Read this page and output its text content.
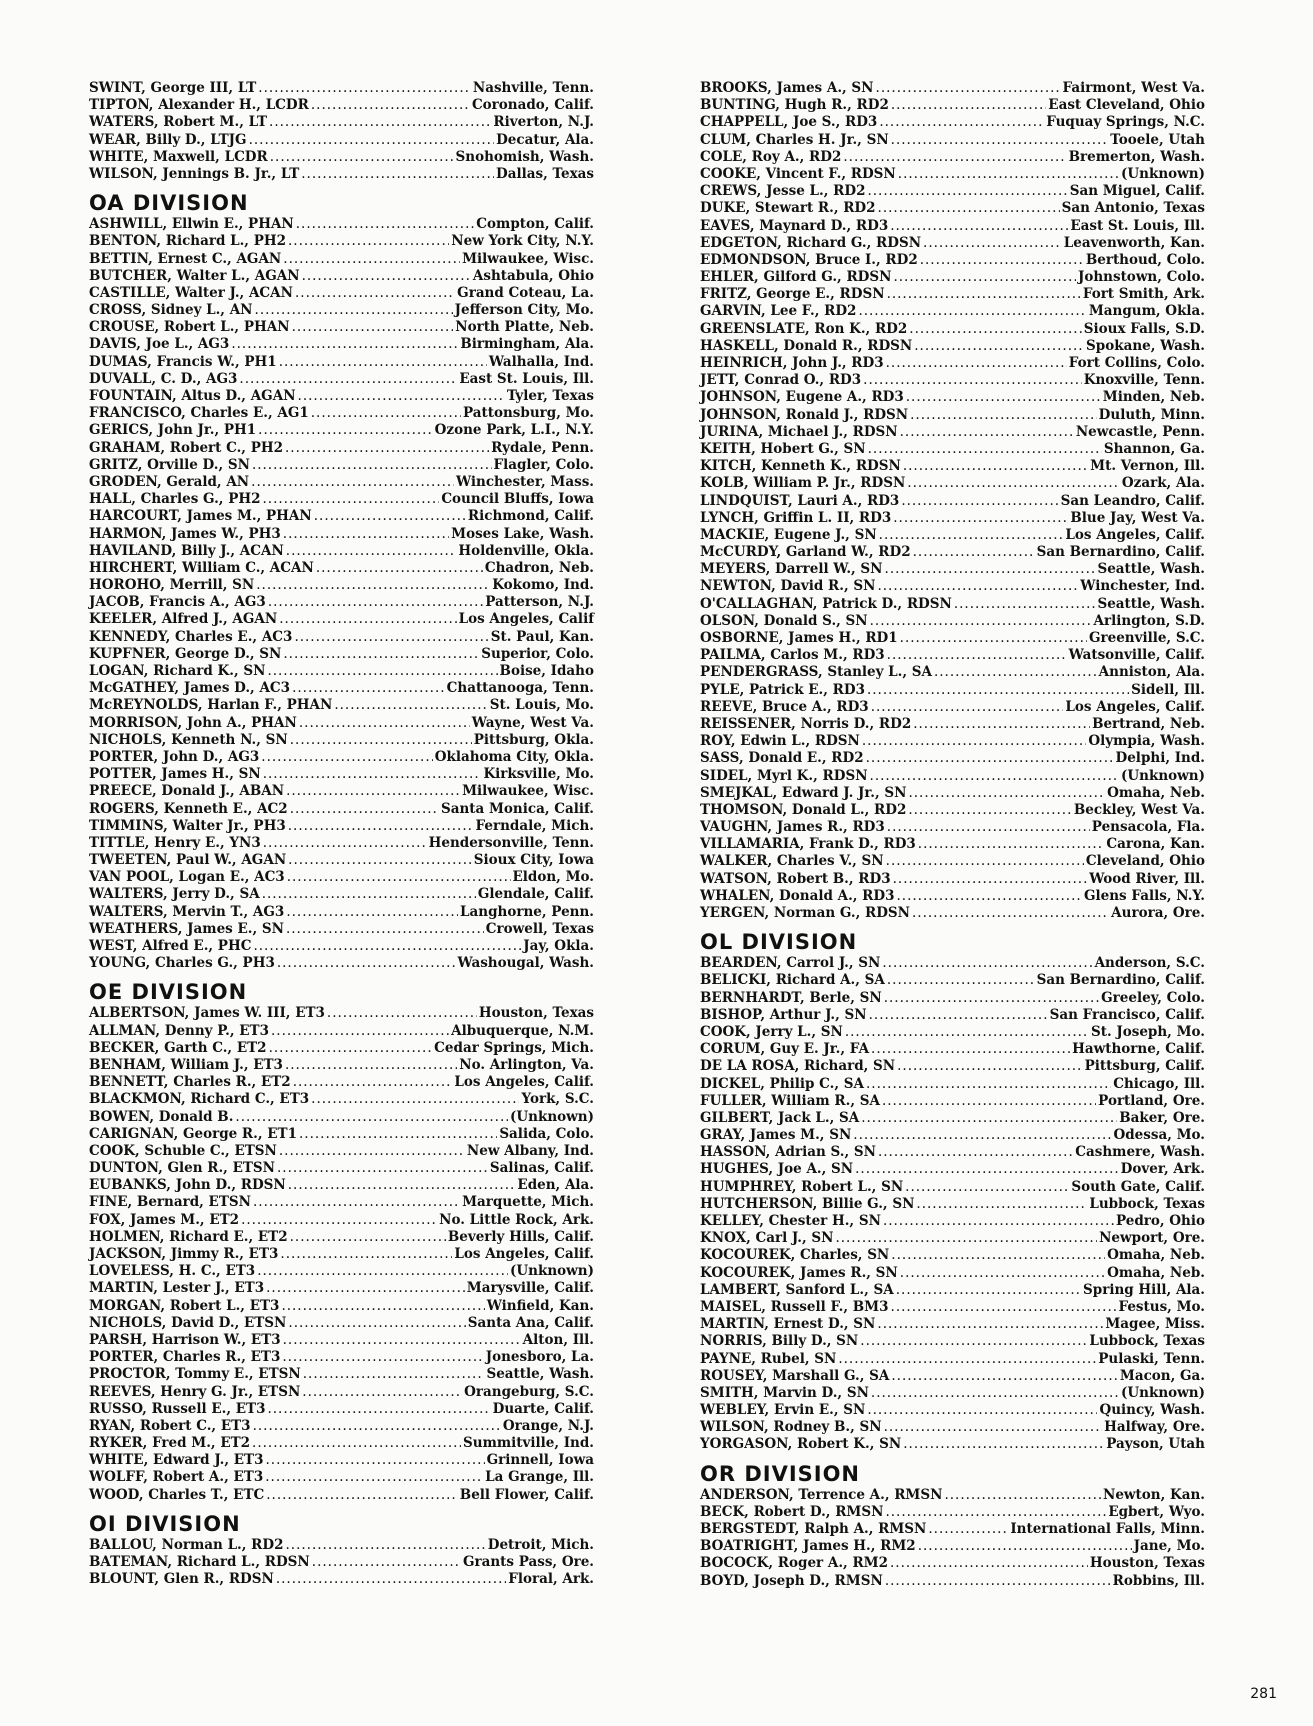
SWINT, George III, LT .....	Nashville, Tenn.
TIPTON, Alexander H., LCDR .....	Coronado, Calif.
WATERS, Robert M., LT .....	Riverton, N.J.
WEAR, Billy D., LTJG .....	Decatur, Ala.
WHITE, Maxwell, LCDR .....	Snohomish, Wash.
WILSON, Jennings B. Jr., LT .....	Dallas, Texas
OA DIVISION
ASHWILL, Ellwin E., PHAN .....	Compton, Calif.
BENTON, Richard L., PH2 .....	New York City, N.Y.
BETTIN, Ernest C., AGAN .....	Milwaukee, Wisc.
BUTCHER, Walter L., AGAN .....	Ashtabula, Ohio
CASTILLE, Walter J., ACAN .....	Grand Coteau, La.
CROSS, Sidney L., AN .....	Jefferson City, Mo.
CROUSE, Robert L., PHAN .....	North Platte, Neb.
DAVIS, Joe L., AG3 .....	Birmingham, Ala.
DUMAS, Francis W., PH1 .....	Walhalla, Ind.
DUVALL, C. D., AG3 .....	East St. Louis, Ill.
FOUNTAIN, Altus D., AGAN .....	Tyler, Texas
FRANCISCO, Charles E., AG1 .....	Pattonsburg, Mo.
GERICS, John Jr., PH1 .....	Ozone Park, L.I., N.Y.
GRAHAM, Robert C., PH2 .....	Rydale, Penn.
GRITZ, Orville D., SN .....	Flagler, Colo.
GRODEN, Gerald, AN .....	Winchester, Mass.
HALL, Charles G., PH2 .....	Council Bluffs, Iowa
HARCOURT, James M., PHAN .....	Richmond, Calif.
HARMON, James W., PH3 .....	Moses Lake, Wash.
HAVILAND, Billy J., ACAN .....	Holdenville, Okla.
HIRCHERT, William C., ACAN .....	Chadron, Neb.
HOROHO, Merrill, SN .....	Kokomo, Ind.
JACOB, Francis A., AG3 .....	Patterson, N.J.
KEELER, Alfred J., AGAN .....	Los Angeles, Calif
KENNEDY, Charles E., AC3 .....	St. Paul, Kan.
KUPFNER, George D., SN .....	Superior, Colo.
LOGAN, Richard K., SN .....	Boise, Idaho
McGATHEY, James D., AC3 .....	Chattanooga, Tenn.
McREYNOLDS, Harlan F., PHAN .....	St. Louis, Mo.
MORRISON, John A., PHAN .....	Wayne, West Va.
NICHOLS, Kenneth N., SN .....	Pittsburg, Okla.
PORTER, John D., AG3 .....	Oklahoma City, Okla.
POTTER, James H., SN .....	Kirksville, Mo.
PREECE, Donald J., ABAN .....	Milwaukee, Wisc.
ROGERS, Kenneth E., AC2 .....	Santa Monica, Calif.
TIMMINS, Walter Jr., PH3 .....	Ferndale, Mich.
TITTLE, Henry E., YN3 .....	Hendersonville, Tenn.
TWEETEN, Paul W., AGAN .....	Sioux City, Iowa
VAN POOL, Logan E., AC3 .....	Eldon, Mo.
WALTERS, Jerry D., SA .....	Glendale, Calif.
WALTERS, Mervin T., AG3 .....	Langhorne, Penn.
WEATHERS, James E., SN .....	Crowell, Texas
WEST, Alfred E., PHC .....	Jay, Okla.
YOUNG, Charles G., PH3 .....	Washougal, Wash.
OE DIVISION
ALBERTSON, James W. III, ET3 .....	Houston, Texas
ALLMAN, Denny P., ET3 .....	Albuquerque, N.M.
BECKER, Garth C., ET2 .....	Cedar Springs, Mich.
BENHAM, William J., ET3 .....	No. Arlington, Va.
BENNETT, Charles R., ET2 .....	Los Angeles, Calif.
BLACKMON, Richard C., ET3 .....	York, S.C.
BOWEN, Donald B. .....	(Unknown)
CARIGNAN, George R., ET1 .....	Salida, Colo.
COOK, Schuble C., ETSN .....	New Albany, Ind.
DUNTON, Glen R., ETSN .....	Salinas, Calif.
EUBANKS, John D., RDSN .....	Eden, Ala.
FINE, Bernard, ETSN .....	Marquette, Mich.
FOX, James M., ET2 .....	No. Little Rock, Ark.
HOLMEN, Richard E., ET2 .....	Beverly Hills, Calif.
JACKSON, Jimmy R., ET3 .....	Los Angeles, Calif.
LOVELESS, H. C., ET3 .....	(Unknown)
MARTIN, Lester J., ET3 .....	Marysville, Calif.
MORGAN, Robert L., ET3 .....	Winfield, Kan.
NICHOLS, David D., ETSN .....	Santa Ana, Calif.
PARSH, Harrison W., ET3 .....	Alton, Ill.
PORTER, Charles R., ET3 .....	Jonesboro, La.
PROCTOR, Tommy E., ETSN .....	Seattle, Wash.
REEVES, Henry G. Jr., ETSN .....	Orangeburg, S.C.
RUSSO, Russell E., ET3 .....	Duarte, Calif.
RYAN, Robert C., ET3 .....	Orange, N.J.
RYKER, Fred M., ET2 .....	Summitville, Ind.
WHITE, Edward J., ET3 .....	Grinnell, Iowa
WOLFF, Robert A., ET3 .....	La Grange, Ill.
WOOD, Charles T., ETC .....	Bell Flower, Calif.
OI DIVISION
BALLOU, Norman L., RD2 .....	Detroit, Mich.
BATEMAN, Richard L., RDSN .....	Grants Pass, Ore.
BLOUNT, Glen R., RDSN .....	Floral, Ark.
BROOKS, James A., SN .....	Fairmont, West Va.
BUNTING, Hugh R., RD2 .....	East Cleveland, Ohio
CHAPPELL, Joe S., RD3 .....	Fuquay Springs, N.C.
CLUM, Charles H. Jr., SN .....	Tooele, Utah
COLE, Roy A., RD2 .....	Bremerton, Wash.
COOKE, Vincent F., RDSN .....	(Unknown)
CREWS, Jesse L., RD2 .....	San Miguel, Calif.
DUKE, Stewart R., RD2 .....	San Antonio, Texas
EAVES, Maynard D., RD3 .....	East St. Louis, Ill.
EDGETON, Richard G., RDSN .....	Leavenworth, Kan.
EDMONDSON, Bruce I., RD2 .....	Berthoud, Colo.
EHLER, Gilford G., RDSN .....	Johnstown, Colo.
FRITZ, George E., RDSN .....	Fort Smith, Ark.
GARVIN, Lee F., RD2 .....	Mangum, Okla.
GREENSLATE, Ron K., RD2 .....	Sioux Falls, S.D.
HASKELL, Donald R., RDSN .....	Spokane, Wash.
HEINRICH, John J., RD3 .....	Fort Collins, Colo.
JETT, Conrad O., RD3 .....	Knoxville, Tenn.
JOHNSON, Eugene A., RD3 .....	Minden, Neb.
JOHNSON, Ronald J., RDSN .....	Duluth, Minn.
JURINA, Michael J., RDSN .....	Newcastle, Penn.
KEITH, Hobert G., SN .....	Shannon, Ga.
KITCH, Kenneth K., RDSN .....	Mt. Vernon, Ill.
KOLB, William P. Jr., RDSN .....	Ozark, Ala.
LINDQUIST, Lauri A., RD3 .....	San Leandro, Calif.
LYNCH, Griffin L. II, RD3 .....	Blue Jay, West Va.
MACKIE, Eugene J., SN .....	Los Angeles, Calif.
McCURDY, Garland W., RD2 .....	San Bernardino, Calif.
MEYERS, Darrell W., SN .....	Seattle, Wash.
NEWTON, David R., SN .....	Winchester, Ind.
O'CALLAGHAN, Patrick D., RDSN .....	Seattle, Wash.
OLSON, Donald S., SN .....	Arlington, S.D.
OSBORNE, James H., RD1 .....	Greenville, S.C.
PAILMA, Carlos M., RD3 .....	Watsonville, Calif.
PENDERGRASS, Stanley L., SA .....	Anniston, Ala.
PYLE, Patrick E., RD3 .....	Sidell, Ill.
REEVE, Bruce A., RD3 .....	Los Angeles, Calif.
REISSENER, Norris D., RD2 .....	Bertrand, Neb.
ROY, Edwin L., RDSN .....	Olympia, Wash.
SASS, Donald E., RD2 .....	Delphi, Ind.
SIDEL, Myrl K., RDSN .....	(Unknown)
SMEJKAL, Edward J. Jr., SN .....	Omaha, Neb.
THOMSON, Donald L., RD2 .....	Beckley, West Va.
VAUGHN, James R., RD3 .....	Pensacola, Fla.
VILLAMARIA, Frank D., RD3 .....	Carona, Kan.
WALKER, Charles V., SN .....	Cleveland, Ohio
WATSON, Robert B., RD3 .....	Wood River, Ill.
WHALEN, Donald A., RD3 .....	Glens Falls, N.Y.
YERGEN, Norman G., RDSN .....	Aurora, Ore.
OL DIVISION
BEARDEN, Carrol J., SN .....	Anderson, S.C.
BELICKI, Richard A., SA .....	San Bernardino, Calif.
BERNHARDT, Berle, SN .....	Greeley, Colo.
BISHOP, Arthur J., SN .....	San Francisco, Calif.
COOK, Jerry L., SN .....	St. Joseph, Mo.
CORUM, Guy E. Jr., FA .....	Hawthorne, Calif.
DE LA ROSA, Richard, SN .....	Pittsburg, Calif.
DICKEL, Philip C., SA .....	Chicago, Ill.
FULLER, William R., SA .....	Portland, Ore.
GILBERT, Jack L., SA .....	Baker, Ore.
GRAY, James M., SN .....	Odessa, Mo.
HASSON, Adrian S., SN .....	Cashmere, Wash.
HUGHES, Joe A., SN .....	Dover, Ark.
HUMPHREY, Robert L., SN .....	South Gate, Calif.
HUTCHERSON, Billie G., SN .....	Lubbock, Texas
KELLEY, Chester H., SN .....	Pedro, Ohio
KNOX, Carl J., SN .....	Newport, Ore.
KOCOUREK, Charles, SN .....	Omaha, Neb.
KOCOUREK, James R., SN .....	Omaha, Neb.
LAMBERT, Sanford L., SA .....	Spring Hill, Ala.
MAISEL, Russell F., BM3 .....	Festus, Mo.
MARTIN, Ernest D., SN .....	Magee, Miss.
NORRIS, Billy D., SN .....	Lubbock, Texas
PAYNE, Rubel, SN .....	Pulaski, Tenn.
ROUSEY, Marshall G., SA .....	Macon, Ga.
SMITH, Marvin D., SN .....	(Unknown)
WEBLEY, Ervin E., SN .....	Quincy, Wash.
WILSON, Rodney B., SN .....	Halfway, Ore.
YORGASON, Robert K., SN .....	Payson, Utah
OR DIVISION
ANDERSON, Terrence A., RMSN .....	Newton, Kan.
BECK, Robert D., RMSN .....	Egbert, Wyo.
BERGSTEDT, Ralph A., RMSN .....	International Falls, Minn.
BOATRIGHT, James H., RM2 .....	Jane, Mo.
BOCOCK, Roger A., RM2 .....	Houston, Texas
BOYD, Joseph D., RMSN .....	Robbins, Ill.
281
